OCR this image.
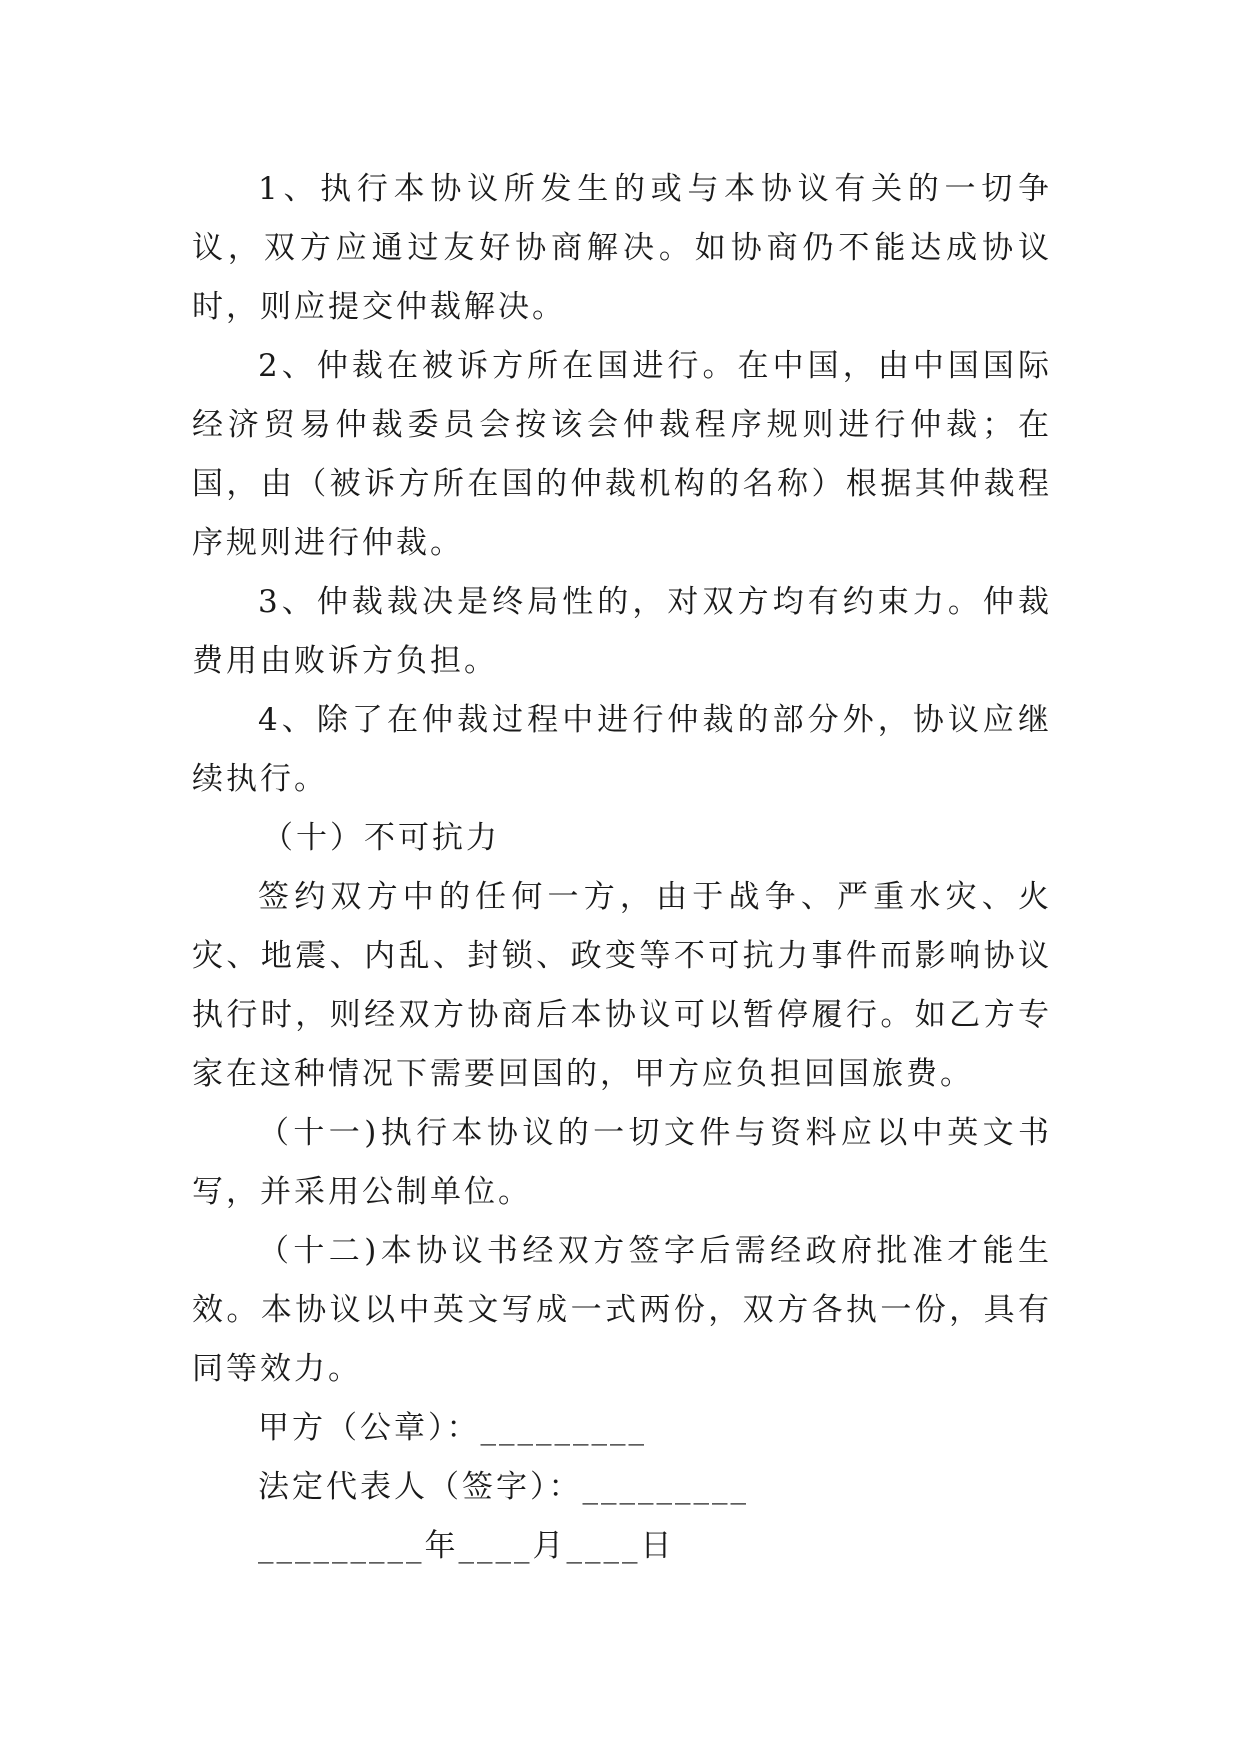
1、执行本协议所发生的或与本协议有关的一切争议，双方应通过友好协商解决。如协商仍不能达成协议时，则应提交仲裁解决。

2、仲裁在被诉方所在国进行。在中国，由中国国际经济贸易仲裁委员会按该会仲裁程序规则进行仲裁；在国，由（被诉方所在国的仲裁机构的名称）根据其仲裁程序规则进行仲裁。

3、仲裁裁决是终局性的，对双方均有约束力。仲裁费用由败诉方负担。

4、除了在仲裁过程中进行仲裁的部分外，协议应继续执行。

（十）不可抗力

签约双方中的任何一方，由于战争、严重水灾、火灾、地震、内乱、封锁、政变等不可抗力事件而影响协议执行时，则经双方协商后本协议可以暂停履行。如乙方专家在这种情况下需要回国的，甲方应负担回国旅费。

（十一)执行本协议的一切文件与资料应以中英文书写，并采用公制单位。

（十二)本协议书经双方签字后需经政府批准才能生效。本协议以中英文写成一式两份，双方各执一份，具有同等效力。

甲方（公章）：_________

法定代表人（签字）：_________

_________年____月____日
